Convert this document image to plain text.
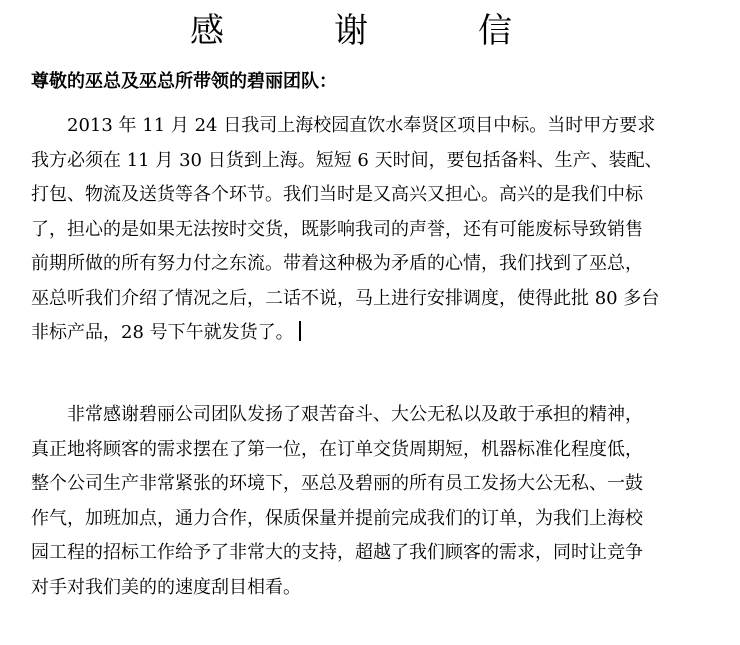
感　谢　信

尊敬的巫总及巫总所带领的碧丽团队：

　　2013 年 11 月 24 日我司上海校园直饮水奉贤区项目中标。当时甲方要求
我方必须在 11 月 30 日货到上海。短短 6 天时间，要包括备料、生产、装配、
打包、物流及送货等各个环节。我们当时是又高兴又担心。高兴的是我们中标
了，担心的是如果无法按时交货，既影响我司的声誉，还有可能废标导致销售
前期所做的所有努力付之东流。带着这种极为矛盾的心情，我们找到了巫总，
巫总听我们介绍了情况之后，二话不说，马上进行安排调度，使得此批 80 多台
非标产品，28 号下午就发货了。
　　非常感谢碧丽公司团队发扬了艰苦奋斗、大公无私以及敢于承担的精神，
真正地将顾客的需求摆在了第一位，在订单交货周期短，机器标准化程度低，
整个公司生产非常紧张的环境下，巫总及碧丽的所有员工发扬大公无私、一鼓
作气，加班加点，通力合作，保质保量并提前完成我们的订单，为我们上海校
园工程的招标工作给予了非常大的支持，超越了我们顾客的需求，同时让竞争
对手对我们美的的速度刮目相看。
